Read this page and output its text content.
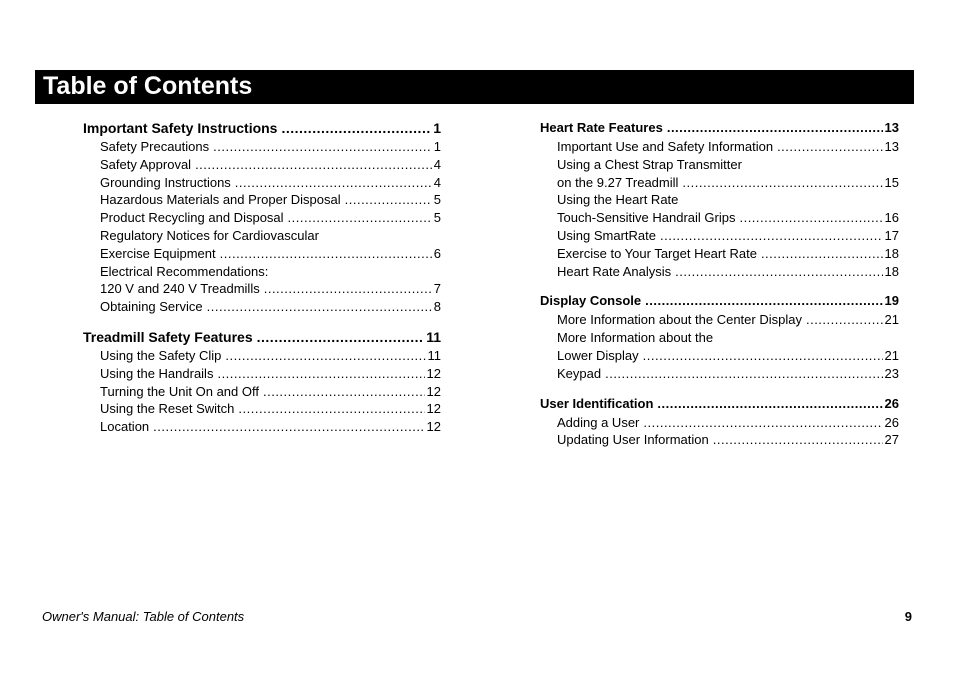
Table of Contents
Important Safety Instructions .....	1
Safety Precautions .....	1
Safety Approval .....	4
Grounding Instructions .....	4
Hazardous Materials and Proper Disposal .....	5
Product Recycling and Disposal .....	5
Regulatory Notices for Cardiovascular
Exercise Equipment .....	6
Electrical Recommendations:
120 V and 240 V Treadmills .....	7
Obtaining Service .....	8
Treadmill Safety Features .....	11
Using the Safety Clip .....	11
Using the Handrails .....	12
Turning the Unit On and Off .....	12
Using the Reset Switch .....	12
Location .....	12
Heart Rate Features .....	13
Important Use and Safety Information .....	13
Using a Chest Strap Transmitter
on the 9.27 Treadmill .....	15
Using the Heart Rate
Touch-Sensitive Handrail Grips .....	16
Using SmartRate .....	17
Exercise to Your Target Heart Rate .....	18
Heart Rate Analysis .....	18
Display Console .....	19
More Information about the Center Display .....	21
More Information about the
Lower Display .....	21
Keypad .....	23
User Identification .....	26
Adding a User .....	26
Updating User Information .....	27
Owner's Manual: Table of Contents	9
